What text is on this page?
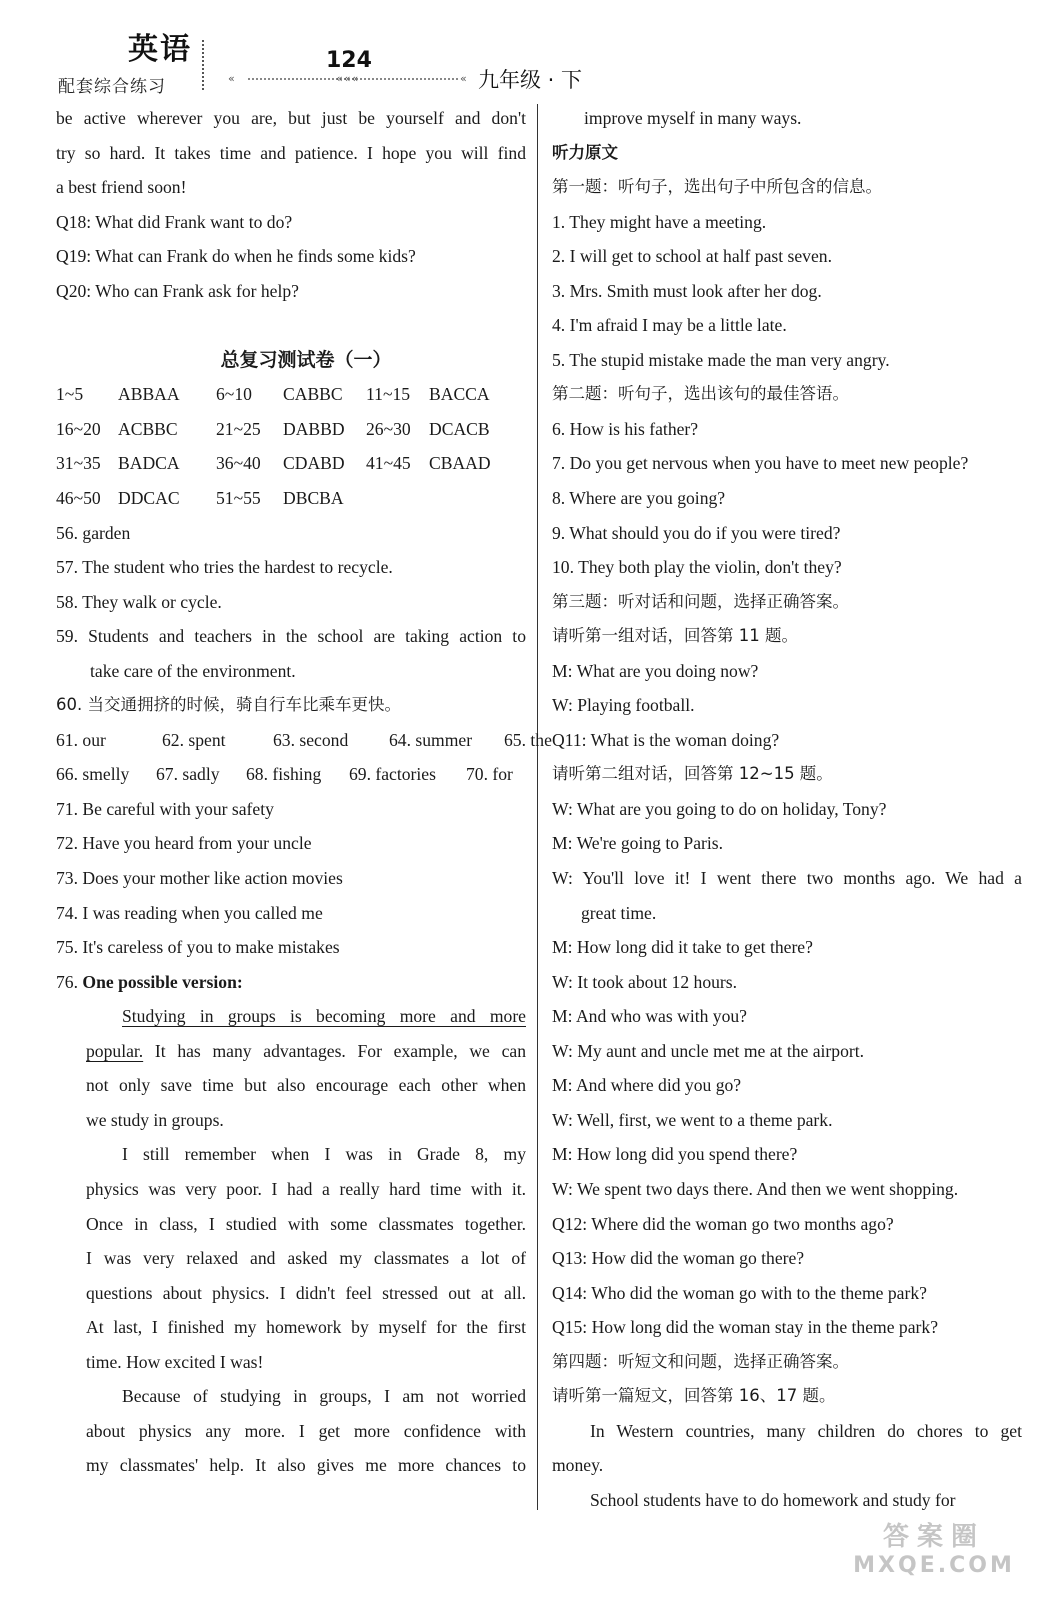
英语
配套综合练习	«	«««	«
124
九年级 · 下
be active wherever you are, but just be yourself and don't
try so hard. It takes time and patience. I hope you will find
a best friend soon!
Q18: What did Frank want to do?
Q19: What can Frank do when he finds some kids?
Q20: Who can Frank ask for help?
总复习测试卷（一）
1~5 ABBAA 6~10 CABBC 11~15 BACCA
16~20 ACBBC 21~25 DABBD 26~30 DCACB
31~35 BADCA 36~40 CDABD 41~45 CBAAD
46~50 DDCAC 51~55 DBCBA
56. garden
57. The student who tries the hardest to recycle.
58. They walk or cycle.
59. Students and teachers in the school are taking action to
take care of the environment.
60. 当交通拥挤的时候，骑自行车比乘车更快。
61. our	62. spent	63. second 64. summer 65. the
66. smelly 67. sadly 68. fishing 69. factories 70. for
71. Be careful with your safety
72. Have you heard from your uncle
73. Does your mother like action movies
74. I was reading when you called me
75. It's careless of you to make mistakes
76. One possible version:
Studying in groups is becoming more and more
popular. It has many advantages. For example, we can
not only save time but also encourage each other when
we study in groups.
I still remember when I was in Grade 8, my
physics was very poor. I had a really hard time with it.
Once in class, I studied with some classmates together.
I was very relaxed and asked my classmates a lot of
questions about physics. I didn't feel stressed out at all.
At last, I finished my homework by myself for the first
time. How excited I was!
Because of studying in groups, I am not worried
about physics any more. I get more confidence with
my classmates' help. It also gives me more chances to
improve myself in many ways.
听力原文
第一题：听句子，选出句子中所包含的信息。
1. They might have a meeting.
2. I will get to school at half past seven.
3. Mrs. Smith must look after her dog.
4. I'm afraid I may be a little late.
5. The stupid mistake made the man very angry.
第二题：听句子，选出该句的最佳答语。
6. How is his father?
7. Do you get nervous when you have to meet new people?
8. Where are you going?
9. What should you do if you were tired?
10. They both play the violin, don't they?
第三题：听对话和问题，选择正确答案。
请听第一组对话，回答第 11 题。
M: What are you doing now?
W: Playing football.
Q11: What is the woman doing?
请听第二组对话，回答第 12~15 题。
W: What are you going to do on holiday, Tony?
M: We're going to Paris.
W: You'll love it! I went there two months ago. We had a
great time.
M: How long did it take to get there?
W: It took about 12 hours.
M: And who was with you?
W: My aunt and uncle met me at the airport.
M: And where did you go?
W: Well, first, we went to a theme park.
M: How long did you spend there?
W: We spent two days there. And then we went shopping.
Q12: Where did the woman go two months ago?
Q13: How did the woman go there?
Q14: Who did the woman go with to the theme park?
Q15: How long did the woman stay in the theme park?
第四题：听短文和问题，选择正确答案。
请听第一篇短文，回答第 16、17 题。
In Western countries, many children do chores to get
money.
School students have to do homework and study for
答案圈
MXQE.COM
